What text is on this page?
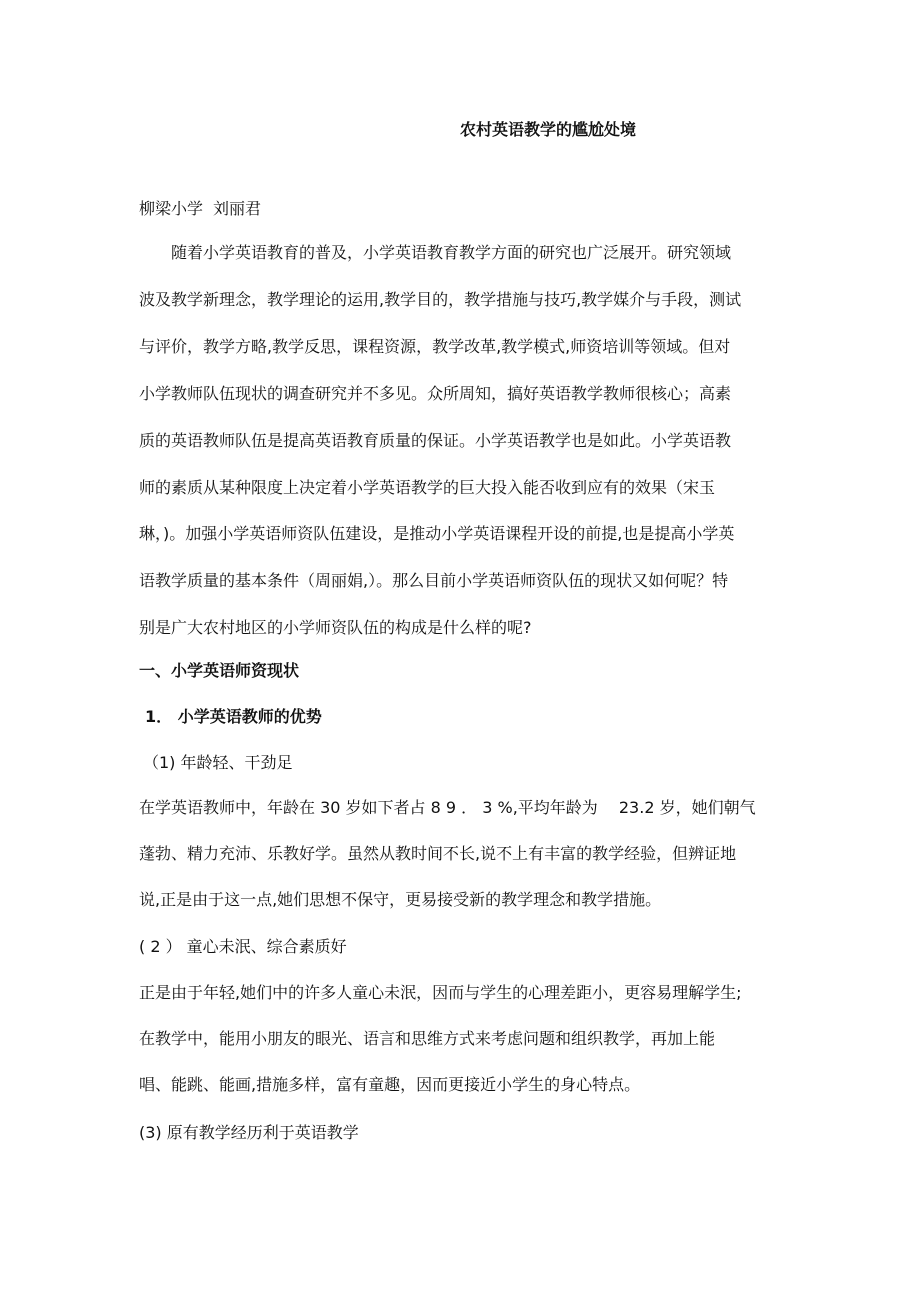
农村英语教学的尴尬处境

柳梁小学 刘丽君

随着小学英语教育的普及，小学英语教育教学方面的研究也广泛展开。研究领域
波及教学新理念，教学理论的运用,教学目的，教学措施与技巧,教学媒介与手段，测试
与评价，教学方略,教学反思，课程资源，教学改革,教学模式,师资培训等领域。但对
小学教师队伍现状的调查研究并不多见。众所周知，搞好英语教学教师很核心；高素
质的英语教师队伍是提高英语教育质量的保证。小学英语教学也是如此。小学英语教
师的素质从某种限度上决定着小学英语教学的巨大投入能否收到应有的效果（宋玉
琳，)。加强小学英语师资队伍建设，是推动小学英语课程开设的前提,也是提高小学英
语教学质量的基本条件（周丽娟,）。那么目前小学英语师资队伍的现状又如何呢？特
别是广大农村地区的小学师资队伍的构成是什么样的呢?

一、小学英语师资现状
1． 小学英语教师的优势

（1) 年龄轻、干劲足

在学英语教师中，年龄在 30 岁如下者占 8 9 ． 3 %,平均年龄为 　23.2 岁，她们朝气
蓬勃、精力充沛、乐教好学。虽然从教时间不长,说不上有丰富的教学经验，但辨证地
说,正是由于这一点,她们思想不保守，更易接受新的教学理念和教学措施。

( 2 ） 童心未泯、综合素质好

正是由于年轻,她们中的许多人童心未泯，因而与学生的心理差距小，更容易理解学生;
在教学中，能用小朋友的眼光、语言和思维方式来考虑问题和组织教学，再加上能
唱、能跳、能画,措施多样，富有童趣，因而更接近小学生的身心特点。

(3) 原有教学经历利于英语教学
